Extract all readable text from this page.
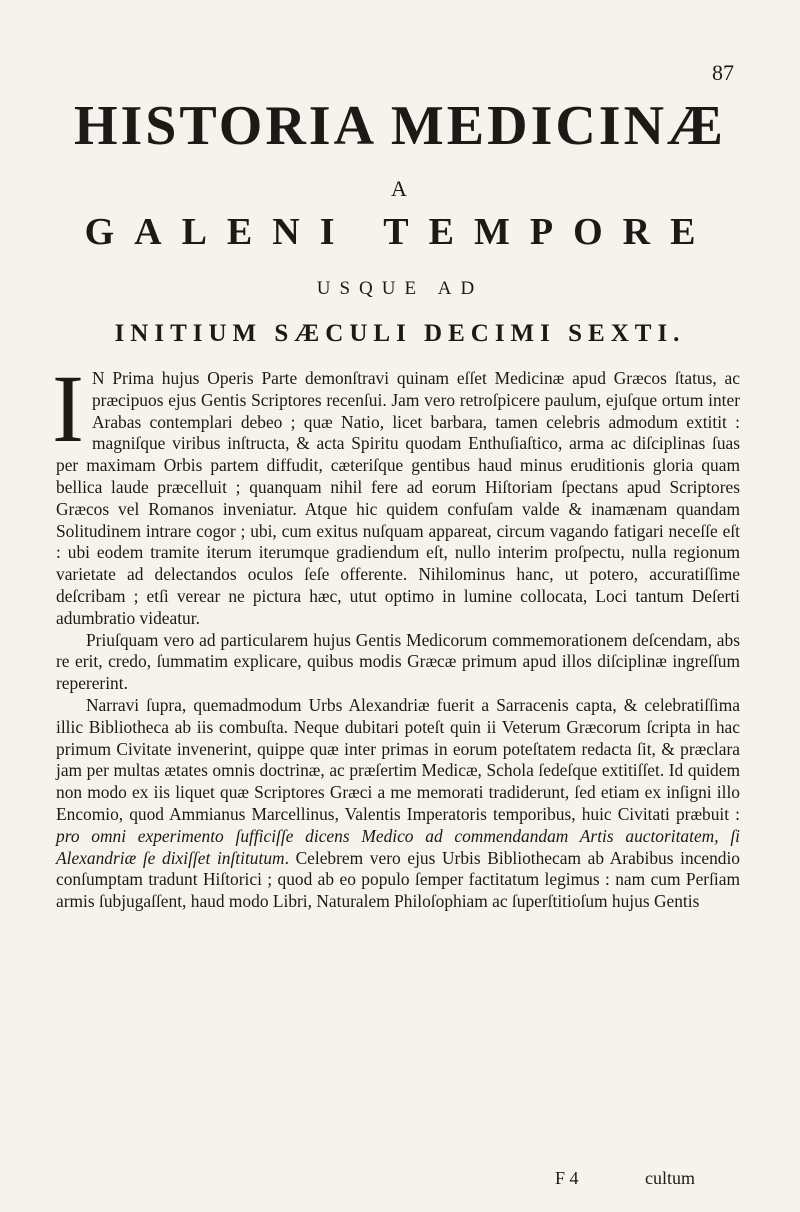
87
HISTORIA MEDICINÆ
A
GALENI TEMPORE
USQUE AD
INITIUM SÆCULI DECIMI SEXTI.

I N Prima hujus Operis Parte demonſtravi quinam eſſet Medicinæ apud Græcos ſtatus, ac præcipuos ejus Gentis Scriptores recenſui. Jam vero retroſpicere paulum, ejuſque ortum inter Arabas contemplari debeo ; quæ Natio, licet barbara, tamen celebris admodum extitit : magniſque viribus inſtructa, & acta Spiritu quodam Enthuſiaſtico, arma ac diſciplinas ſuas per maximam Orbis partem diffudit, cæteriſque gentibus haud minus eruditionis gloria quam bellica laude præcelluit ; quanquam nihil fere ad eorum Hiſtoriam ſpectans apud Scriptores Græcos vel Romanos inveniatur. Atque hic quidem confuſam valde & inamænam quandam Solitudinem intrare cogor ; ubi, cum exitus nuſquam appareat, circum vagando fatigari neceſſe eſt : ubi eodem tramite iterum iterumque gradiendum eſt, nullo interim proſpectu, nulla regionum varietate ad delectandos oculos ſeſe offerente. Nihilominus hanc, ut potero, accuratiſſime deſcribam ; etſi verear ne pictura hæc, utut optimo in lumine collocata, Loci tantum Deſerti adumbratio videatur.

Priuſquam vero ad particularem hujus Gentis Medicorum commemorationem deſcendam, abs re erit, credo, ſummatim explicare, quibus modis Græcæ primum apud illos diſciplinæ ingreſſum repererint.

Narravi ſupra, quemadmodum Urbs Alexandriæ fuerit a Sarracenis capta, & celebratiſſima illic Bibliotheca ab iis combuſta. Neque dubitari poteſt quin ii Veterum Græcorum ſcripta in hac primum Civitate invenerint, quippe quæ inter primas in eorum poteſtatem redacta ſit, & præclara jam per multas ætates omnis doctrinæ, ac præſertim Medicæ, Schola ſedeſque extitiſſet. Id quidem non modo ex iis liquet quæ Scriptores Græci a me memorati tradiderunt, ſed etiam ex inſigni illo Encomio, quod Ammianus Marcellinus, Valentis Imperatoris temporibus, huic Civitati præbuit : pro omni experimento ſufficiſſe dicens Medico ad commendandam Artis auctoritatem, ſi Alexandriæ ſe dixiſſet inſtitutum. Celebrem vero ejus Urbis Bibliothecam ab Arabibus incendio conſumptam tradunt Hiſtorici ; quod ab eo populo ſemper factitatum legimus : nam cum Perſiam armis ſubjugaſſent, haud modo Libri, Naturalem Philoſophiam ac ſuperſtitioſum hujus Gentis

F 4	cultum
